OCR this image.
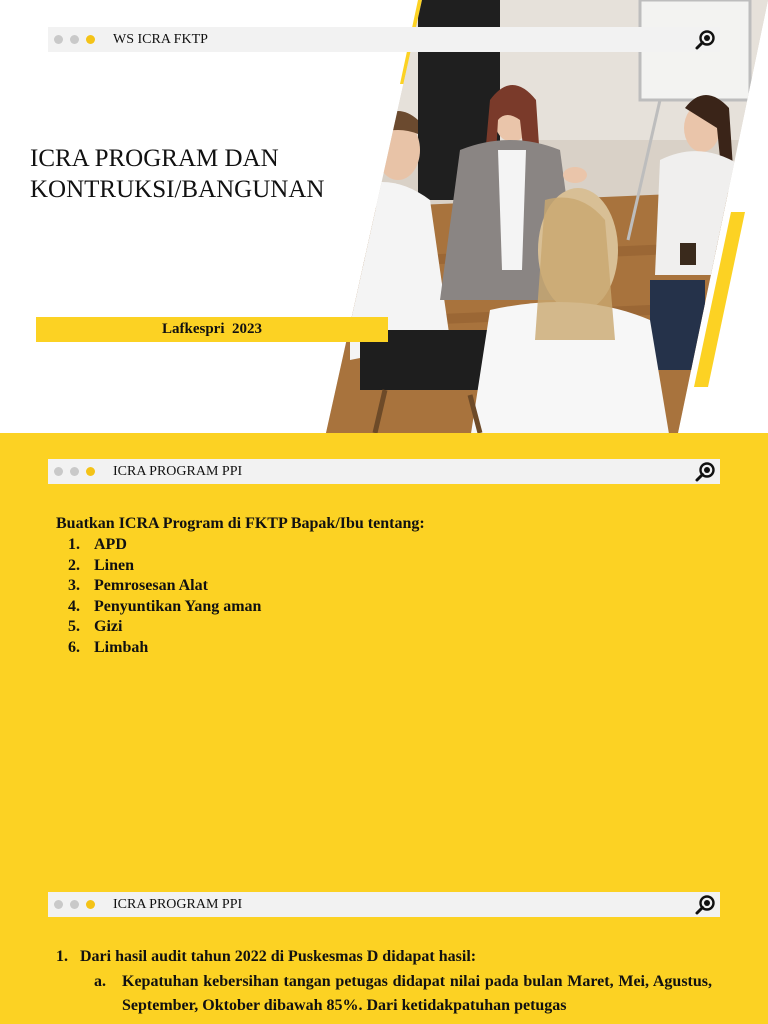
WS ICRA FKTP
ICRA PROGRAM DAN
KONTRUKSI/BANGUNAN
Lafkespri  2023
ICRA PROGRAM PPI

Buatkan ICRA Program di FKTP Bapak/Ibu tentang:

1. APD
2. Linen
3. Pemrosesan Alat
4. Penyuntikan Yang aman
5. Gizi
6. Limbah
ICRA PROGRAM PPI
1. Dari hasil audit tahun 2022 di Puskesmas D didapat hasil:
a.	Kepatuhan kebersihan tangan petugas didapat nilai pada bulan Maret, Mei, Agustus, September, Oktober dibawah 85%. Dari ketidakpatuhan petugas
